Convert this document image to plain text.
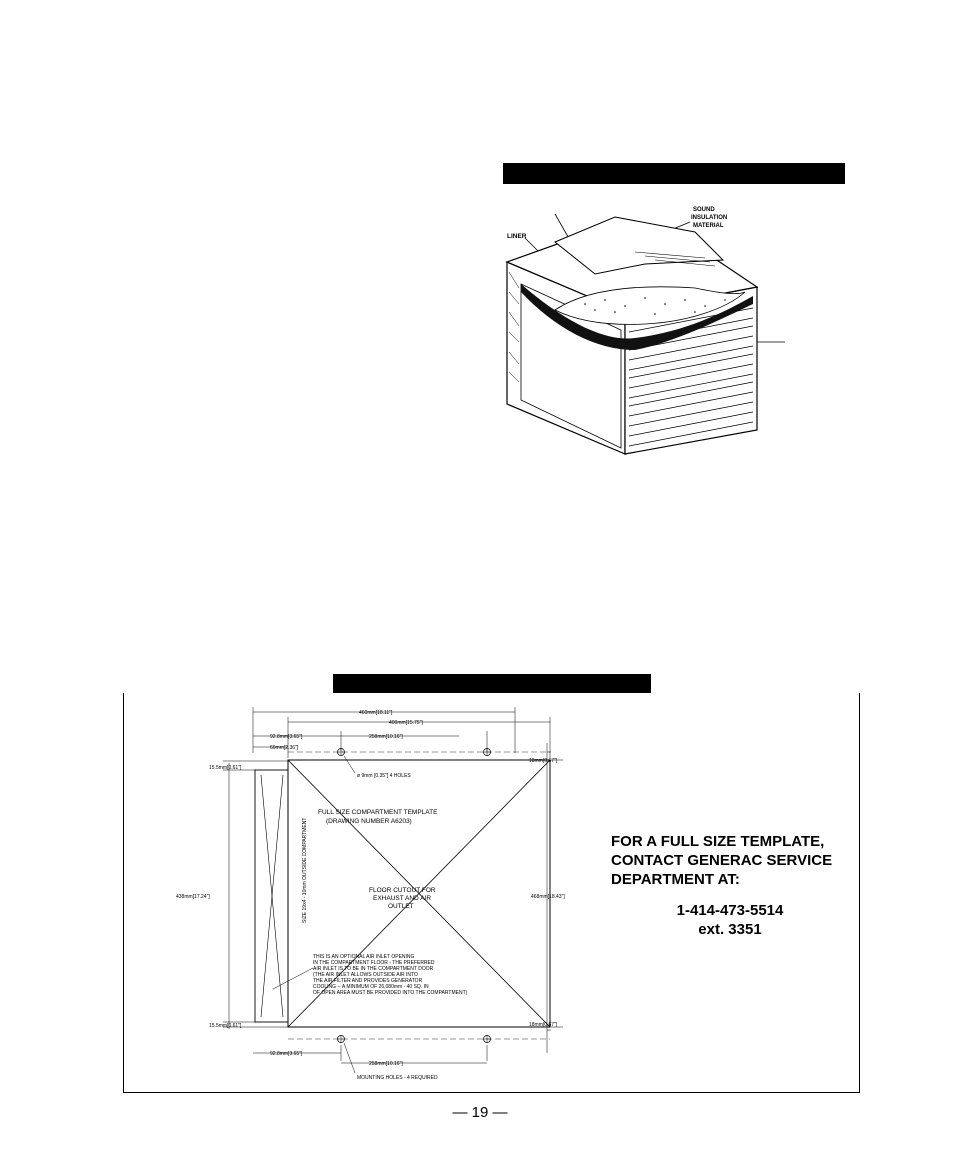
LINER
SOUND
INSULATION
MATERIAL
460mm[18.11"]
400mm[15.75"]
92.8mm[3.65"]	258mm[10.16"]
60mm[2.36"]
15.5mm[0.61"]
18mm[0.67"]
ø 9mm [0.35"] 4 HOLES
438mm[17.24"]	468mm[18.43"]
15.5mm[0.61"]	18mm[0.67"]
92.8mm[3.65"]
258mm[10.16"]
MOUNTING HOLES - 4 REQUIRED
FULL SIZE COMPARTMENT TEMPLATE
(DRAWING NUMBER A6203)
FLOOR CUTOUT FOR
EXHAUST AND AIR
OUTLET
THIS IS AN OPTIONAL AIR INLET OPENING
IN THE COMPARTMENT FLOOR - THE PREFERRED
AIR INLET IS TO BE IN THE COMPARTMENT DOOR
(THE AIR INLET ALLOWS OUTSIDE AIR INTO
THE AIR FILTER AND PROVIDES GENERATOR
COOLING -- A MINIMUM OF 26,080mm - 40 SQ. IN
OF OPEN AREA MUST BE PROVIDED INTO THE COMPARTMENT)
SIZE 19x4 - 10mm OUTSIDE COMPARTMENT	FOR A FULL SIZE TEMPLATE,
CONTACT GENERAC SERVICE
DEPARTMENT AT:
1-414-473-5514
ext. 3351
— 19 —
